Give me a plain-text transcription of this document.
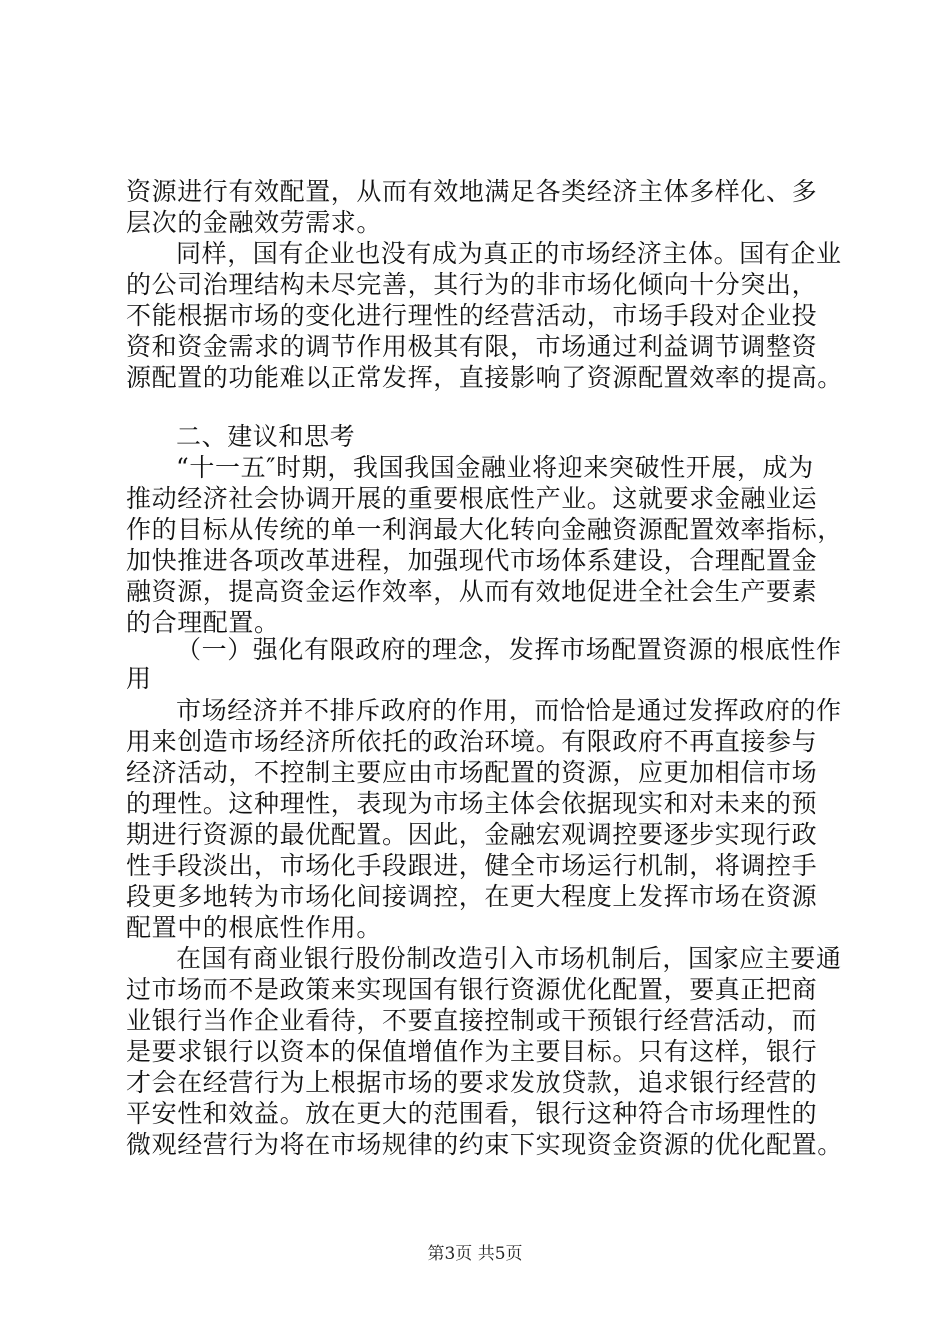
资源进行有效配置，从而有效地满足各类经济主体多样化、多
层次的金融效劳需求。
同样，国有企业也没有成为真正的市场经济主体。国有企业
的公司治理结构未尽完善，其行为的非市场化倾向十分突出，
不能根据市场的变化进行理性的经营活动，市场手段对企业投
资和资金需求的调节作用极其有限，市场通过利益调节调整资
源配置的功能难以正常发挥，直接影响了资源配置效率的提高。
二、建议和思考
“十一五″时期，我国我国金融业将迎来突破性开展，成为
推动经济社会协调开展的重要根底性产业。这就要求金融业运
作的目标从传统的单一利润最大化转向金融资源配置效率指标，
加快推进各项改革进程，加强现代市场体系建设，合理配置金
融资源，提高资金运作效率，从而有效地促进全社会生产要素
的合理配置。
（一）强化有限政府的理念，发挥市场配置资源的根底性作
用
市场经济并不排斥政府的作用，而恰恰是通过发挥政府的作
用来创造市场经济所依托的政治环境。有限政府不再直接参与
经济活动，不控制主要应由市场配置的资源，应更加相信市场
的理性。这种理性，表现为市场主体会依据现实和对未来的预
期进行资源的最优配置。因此，金融宏观调控要逐步实现行政
性手段淡出，市场化手段跟进，健全市场运行机制，将调控手
段更多地转为市场化间接调控，在更大程度上发挥市场在资源
配置中的根底性作用。
在国有商业银行股份制改造引入市场机制后，国家应主要通
过市场而不是政策来实现国有银行资源优化配置，要真正把商
业银行当作企业看待，不要直接控制或干预银行经营活动，而
是要求银行以资本的保值增值作为主要目标。只有这样，银行
才会在经营行为上根据市场的要求发放贷款，追求银行经营的
平安性和效益。放在更大的范围看，银行这种符合市场理性的
微观经营行为将在市场规律的约束下实现资金资源的优化配置。
第3页 共5页
